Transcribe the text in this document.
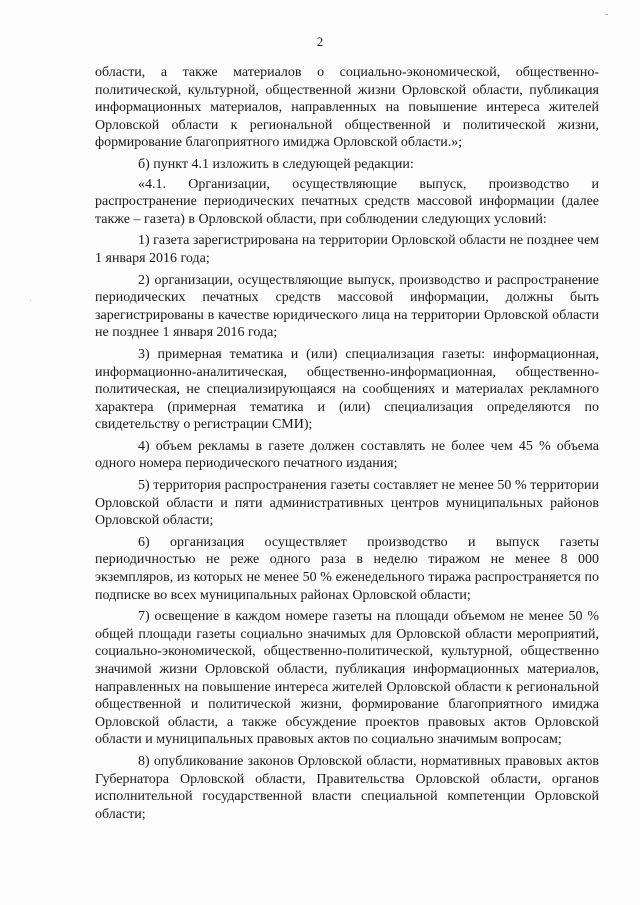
2

области, а также материалов о социально-экономической, общественно-политической, культурной, общественной жизни Орловской области, публикация информационных материалов, направленных на повышение интереса жителей Орловской области к региональной общественной и политической жизни, формирование благоприятного имиджа Орловской области.»;

б) пункт 4.1 изложить в следующей редакции:

«4.1. Организации, осуществляющие выпуск, производство и распространение периодических печатных средств массовой информации (далее также – газета) в Орловской области, при соблюдении следующих условий:

1) газета зарегистрирована на территории Орловской области не позднее чем 1 января 2016 года;

2) организации, осуществляющие выпуск, производство и распространение периодических печатных средств массовой информации, должны быть зарегистрированы в качестве юридического лица на территории Орловской области не позднее 1 января 2016 года;

3) примерная тематика и (или) специализация газеты: информационная, информационно-аналитическая, общественно-информационная, общественно-политическая, не специализирующаяся на сообщениях и материалах рекламного характера (примерная тематика и (или) специализация определяются по свидетельству о регистрации СМИ);

4) объем рекламы в газете должен составлять не более чем 45 % объема одного номера периодического печатного издания;

5) территория распространения газеты составляет не менее 50 % территории Орловской области и пяти административных центров муниципальных районов Орловской области;

6) организация осуществляет производство и выпуск газеты периодичностью не реже одного раза в неделю тиражом не менее 8 000 экземпляров, из которых не менее 50 % еженедельного тиража распространяется по подписке во всех муниципальных районах Орловской области;

7) освещение в каждом номере газеты на площади объемом не менее 50 % общей площади газеты социально значимых для Орловской области мероприятий, социально-экономической, общественно-политической, культурной, общественно значимой жизни Орловской области, публикация информационных материалов, направленных на повышение интереса жителей Орловской области к региональной общественной и политической жизни, формирование благоприятного имиджа Орловской области, а также обсуждение проектов правовых актов Орловской области и муниципальных правовых актов по социально значимым вопросам;

8) опубликование законов Орловской области, нормативных правовых актов Губернатора Орловской области, Правительства Орловской области, органов исполнительной государственной власти специальной компетенции Орловской области;
